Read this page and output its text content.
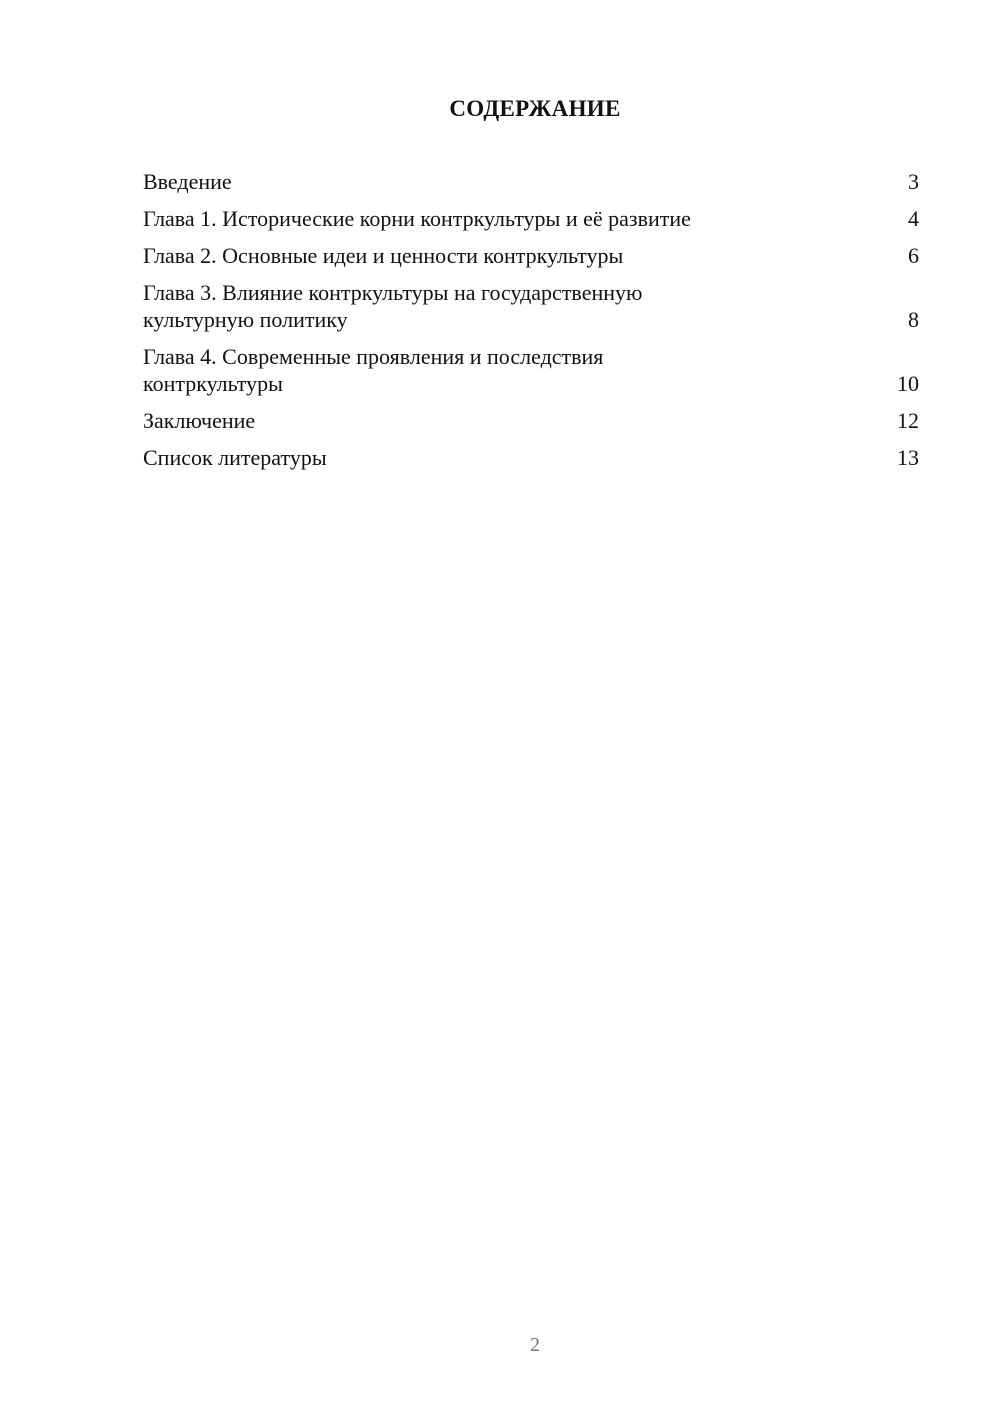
СОДЕРЖАНИЕ
Введение	3
Глава 1. Исторические корни контркультуры и её развитие	4
Глава 2. Основные идеи и ценности контркультуры	6
Глава 3. Влияние контркультуры на государственную
культурную политику	8
Глава 4. Современные проявления и последствия
контркультуры	10
Заключение	12
Список литературы	13
2
